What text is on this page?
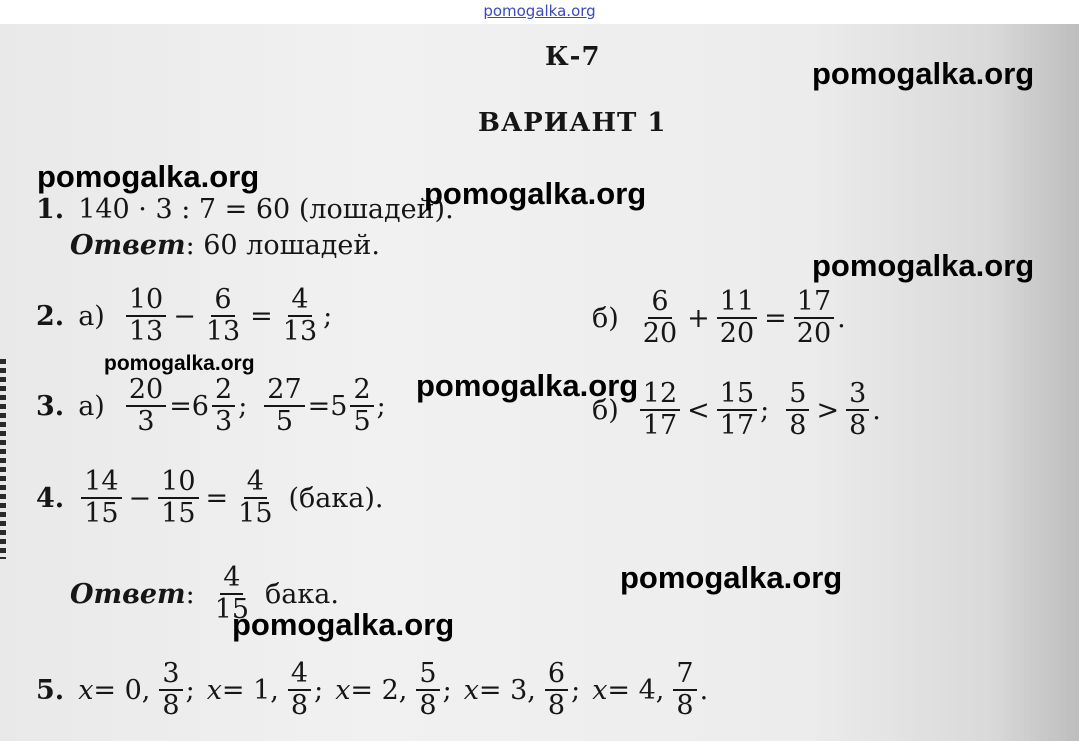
pomogalka.org

К-7
ВАРИАНТ 1
1. 140 · 3 : 7 = 60 (лошадей).
Ответ : 60 лошадей.
2. $а) \frac{10}{13} - \frac{6}{13} = \frac{4}{13}$ ;	$б) \frac{6}{20} + \frac{11}{20} = \frac{17}{20}$ .
3. $а) \frac{20}{3} =6 \frac{2}{3}$ ; $\frac{27}{5} =5 \frac{2}{5}$ ;	$б) \frac{12}{17} < \frac{15}{17}$ ; $\frac{5}{8} > \frac{3}{8}$ .
4. $\frac{14}{15} - \frac{10}{15} = \frac{4}{15}$ (бака).
Ответ : $\frac{4}{15}$ бака.
5. x = 0, $\frac{3}{8}$ ; x = 1, $\frac{4}{8}$ ; x = 2, $\frac{5}{8}$ ; x = 3, $\frac{6}{8}$ ; x = 4, $\frac{7}{8}$ .
pomogalka.org
pomogalka.org	pomogalka.org
pomogalka.org
pomogalka.org
pomogalka.org
pomogalka.org
pomogalka.org
